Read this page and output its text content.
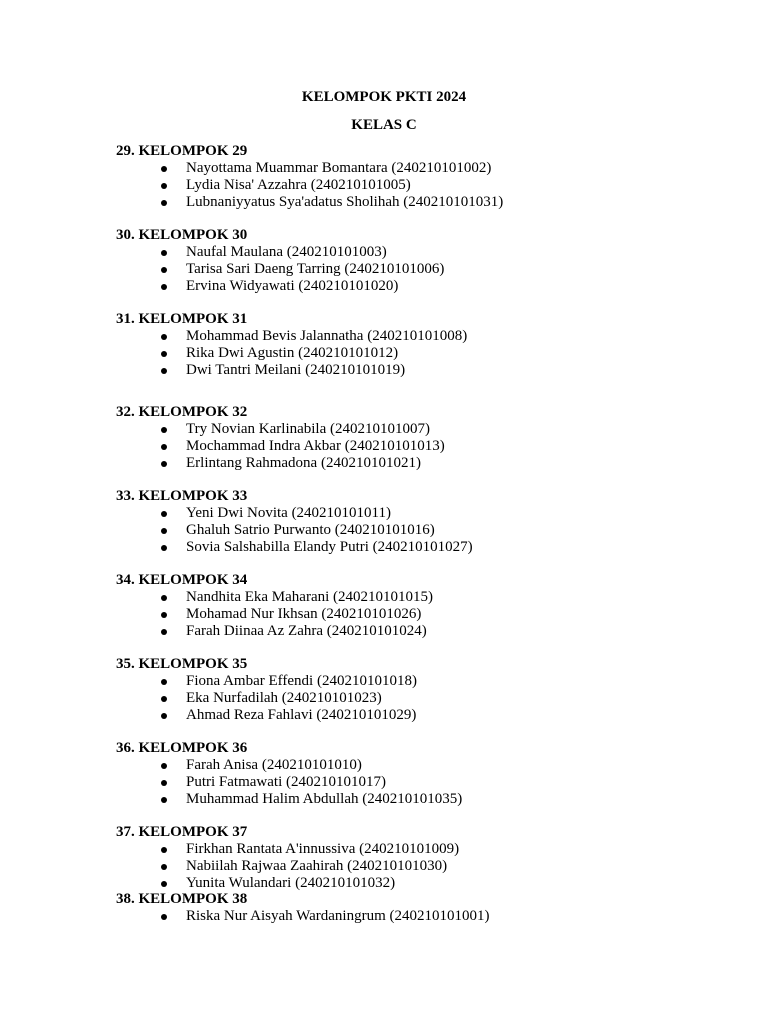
KELOMPOK PKTI 2024
KELAS C
29. KELOMPOK 29
Nayottama Muammar Bomantara (240210101002)
Lydia Nisa' Azzahra (240210101005)
Lubnaniyyatus Sya'adatus Sholihah (240210101031)
30. KELOMPOK 30
Naufal Maulana (240210101003)
Tarisa Sari Daeng Tarring (240210101006)
Ervina Widyawati (240210101020)
31. KELOMPOK 31
Mohammad Bevis Jalannatha (240210101008)
Rika Dwi Agustin (240210101012)
Dwi Tantri Meilani (240210101019)
32. KELOMPOK 32
Try Novian Karlinabila (240210101007)
Mochammad Indra Akbar (240210101013)
Erlintang Rahmadona (240210101021)
33. KELOMPOK 33
Yeni Dwi Novita (240210101011)
Ghaluh Satrio Purwanto (240210101016)
Sovia Salshabilla Elandy Putri (240210101027)
34. KELOMPOK 34
Nandhita Eka Maharani (240210101015)
Mohamad Nur Ikhsan (240210101026)
Farah Diinaa Az Zahra (240210101024)
35. KELOMPOK 35
Fiona Ambar Effendi (240210101018)
Eka Nurfadilah (240210101023)
Ahmad Reza Fahlavi (240210101029)
36. KELOMPOK 36
Farah Anisa (240210101010)
Putri Fatmawati (240210101017)
Muhammad Halim Abdullah (240210101035)
37. KELOMPOK 37
Firkhan Rantata A'innussiva (240210101009)
Nabiilah Rajwaa Zaahirah (240210101030)
Yunita Wulandari (240210101032)
38. KELOMPOK 38
Riska Nur Aisyah Wardaningrum (240210101001)
